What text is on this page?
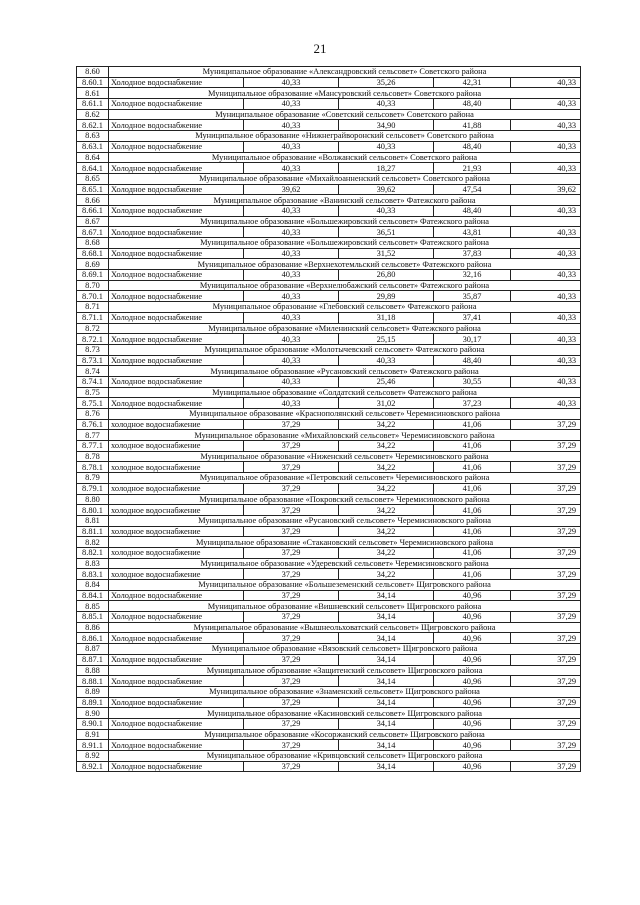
21
8.60	Муниципальное образование «Александровский сельсовет» Советского района				
8.60.1	Холодное водоснабжение	40,33	35,26	42,31	40,33
8.61	Муниципальное образование «Мансуровский сельсовет» Советского района				
8.61.1	Холодное водоснабжение	40,33	40,33	48,40	40,33
8.62	Муниципальное образование «Советский сельсовет» Советского района				
8.62.1	Холодное водоснабжение	40,33	34,90	41,88	40,33
8.63	Муниципальное образование «Нижнеграйворонский сельсовет» Советского района				
8.63.1	Холодное водоснабжение	40,33	40,33	48,40	40,33
8.64	Муниципальное образование «Волжанский сельсовет» Советского района				
8.64.1	Холодное водоснабжение	40,33	18,27	21,93	40,33
8.65	Муниципальное образование «Михайлоанненский сельсовет» Советского района				
8.65.1	Холодное водоснабжение	39,62	39,62	47,54	39,62
8.66	Муниципальное образование «Ванинский сельсовет» Фатежского района				
8.66.1	Холодное водоснабжение	40,33	40,33	48,40	40,33
8.67	Муниципальное образование «Большежировский сельсовет» Фатежского района				
8.67.1	Холодное водоснабжение	40,33	36,51	43,81	40,33
8.68	Муниципальное образование «Большежировский сельсовет» Фатежского района				
8.68.1	Холодное водоснабжение	40,33	31,52	37,83	40,33
8.69	Муниципальное образование «Верхнехотемльский сельсовет» Фатежского района				
8.69.1	Холодное водоснабжение	40,33	26,80	32,16	40,33
8.70	Муниципальное образование «Верхнелюбажский сельсовет» Фатежского района				
8.70.1	Холодное водоснабжение	40,33	29,89	35,87	40,33
8.71	Муниципальное образование «Глебовский сельсовет» Фатежского района				
8.71.1	Холодное водоснабжение	40,33	31,18	37,41	40,33
8.72	Муниципальное образование «Миленинский сельсовет» Фатежского района				
8.72.1	Холодное водоснабжение	40,33	25,15	30,17	40,33
8.73	Муниципальное образование «Молотычевский сельсовет» Фатежского района				
8.73.1	Холодное водоснабжение	40,33	40,33	48,40	40,33
8.74	Муниципальное образование «Русановский сельсовет» Фатежского района				
8.74.1	Холодное водоснабжение	40,33	25,46	30,55	40,33
8.75	Муниципальное образование «Солдатский сельсовет» Фатежского района				
8.75.1	Холодное водоснабжение	40,33	31,02	37,23	40,33
8.76	Муниципальное образование «Краснополянский сельсовет» Черемисиновского района				
8.76.1	холодное водоснабжение	37,29	34,22	41,06	37,29
8.77	Муниципальное образование «Михайловский сельсовет» Черемисиновского района				
8.77.1	холодное водоснабжение	37,29	34,22	41,06	37,29
8.78	Муниципальное образование «Ниженский сельсовет» Черемисиновского района				
8.78.1	холодное водоснабжение	37,29	34,22	41,06	37,29
8.79	Муниципальное образование «Петровский сельсовет» Черемисиновского района				
8.79.1	холодное водоснабжение	37,29	34,22	41,06	37,29
8.80	Муниципальное образование «Покровский сельсовет» Черемисиновского района				
8.80.1	холодное водоснабжение	37,29	34,22	41,06	37,29
8.81	Муниципальное образование «Русановский сельсовет» Черемисиновского района				
8.81.1	холодное водоснабжение	37,29	34,22	41,06	37,29
8.82	Муниципальное образование «Стакановский сельсовет» Черемисиновского района				
8.82.1	холодное водоснабжение	37,29	34,22	41,06	37,29
8.83	Муниципальное образование «Удеревский сельсовет» Черемисиновского района				
8.83.1	холодное водоснабжение	37,29	34,22	41,06	37,29
8.84	Муниципальное образование «Большеземенский сельсовет» Щигровского района				
8.84.1	Холодное водоснабжение	37,29	34,14	40,96	37,29
8.85	Муниципальное образование «Вишневский сельсовет» Щигровского района				
8.85.1	Холодное водоснабжение	37,29	34,14	40,96	37,29
8.86	Муниципальное образование «Вышнеольховатский сельсовет» Щигровского района				
8.86.1	Холодное водоснабжение	37,29	34,14	40,96	37,29
8.87	Муниципальное образование «Вязовский сельсовет» Щигровского района				
8.87.1	Холодное водоснабжение	37,29	34,14	40,96	37,29
8.88	Муниципальное образование «Защитенский сельсовет» Щигровского района				
8.88.1	Холодное водоснабжение	37,29	34,14	40,96	37,29
8.89	Муниципальное образование «Знаменский сельсовет» Щигровского района				
8.89.1	Холодное водоснабжение	37,29	34,14	40,96	37,29
8.90	Муниципальное образование «Касиновский сельсовет» Щигровского района				
8.90.1	Холодное водоснабжение	37,29	34,14	40,96	37,29
8.91	Муниципальное образование «Косоржанский сельсовет» Щигровского района				
8.91.1	Холодное водоснабжение	37,29	34,14	40,96	37,29
8.92	Муниципальное образование «Кривцовский сельсовет» Щигровского района				
8.92.1	Холодное водоснабжение	37,29	34,14	40,96	37,29
